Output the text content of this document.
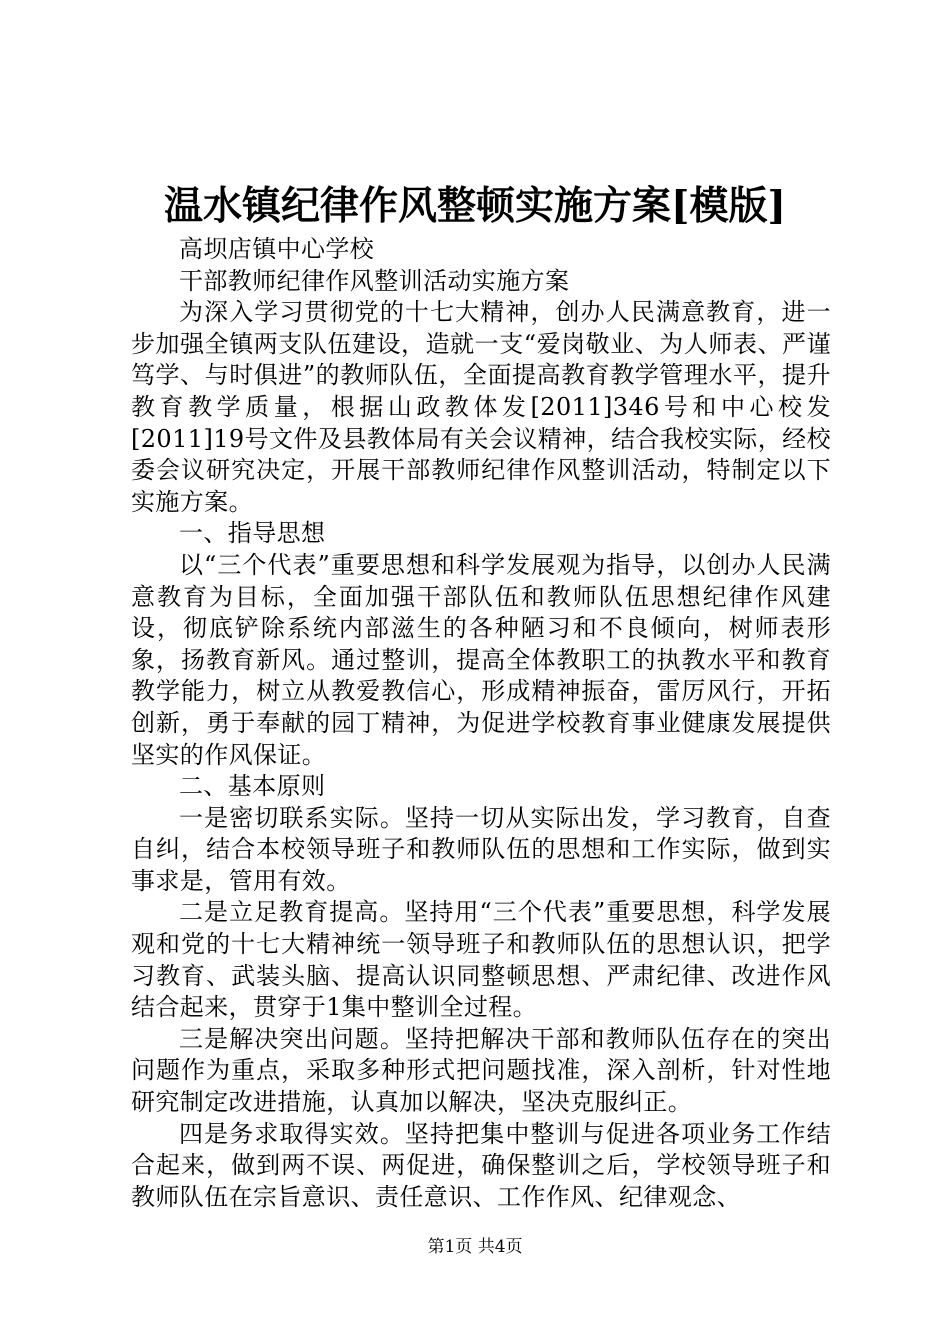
温水镇纪律作风整顿实施方案[模版]

高坝店镇中心学校

干部教师纪律作风整训活动实施方案

为深入学习贯彻党的十七大精神，创办人民满意教育，进一步加强全镇两支队伍建设，造就一支“爱岗敬业、为人师表、严谨笃学、与时俱进”的教师队伍，全面提高教育教学管理水平，提升教育教学质量，根据山政教体发[2011]346号和中心校发[2011]19号文件及县教体局有关会议精神，结合我校实际，经校委会议研究决定，开展干部教师纪律作风整训活动，特制定以下实施方案。

一、指导思想

以“三个代表”重要思想和科学发展观为指导，以创办人民满意教育为目标，全面加强干部队伍和教师队伍思想纪律作风建设，彻底铲除系统内部滋生的各种陋习和不良倾向，树师表形象，扬教育新风。通过整训，提高全体教职工的执教水平和教育教学能力，树立从教爱教信心，形成精神振奋，雷厉风行，开拓创新，勇于奉献的园丁精神，为促进学校教育事业健康发展提供坚实的作风保证。

二、基本原则

一是密切联系实际。坚持一切从实际出发，学习教育，自查自纠，结合本校领导班子和教师队伍的思想和工作实际，做到实事求是，管用有效。

二是立足教育提高。坚持用“三个代表”重要思想，科学发展观和党的十七大精神统一领导班子和教师队伍的思想认识，把学习教育、武装头脑、提高认识同整顿思想、严肃纪律、改进作风结合起来，贯穿于1集中整训全过程。

三是解决突出问题。坚持把解决干部和教师队伍存在的突出问题作为重点，采取多种形式把问题找准，深入剖析，针对性地研究制定改进措施，认真加以解决，坚决克服纠正。

四是务求取得实效。坚持把集中整训与促进各项业务工作结合起来，做到两不误、两促进，确保整训之后，学校领导班子和教师队伍在宗旨意识、责任意识、工作作风、纪律观念、

第1页 共4页
